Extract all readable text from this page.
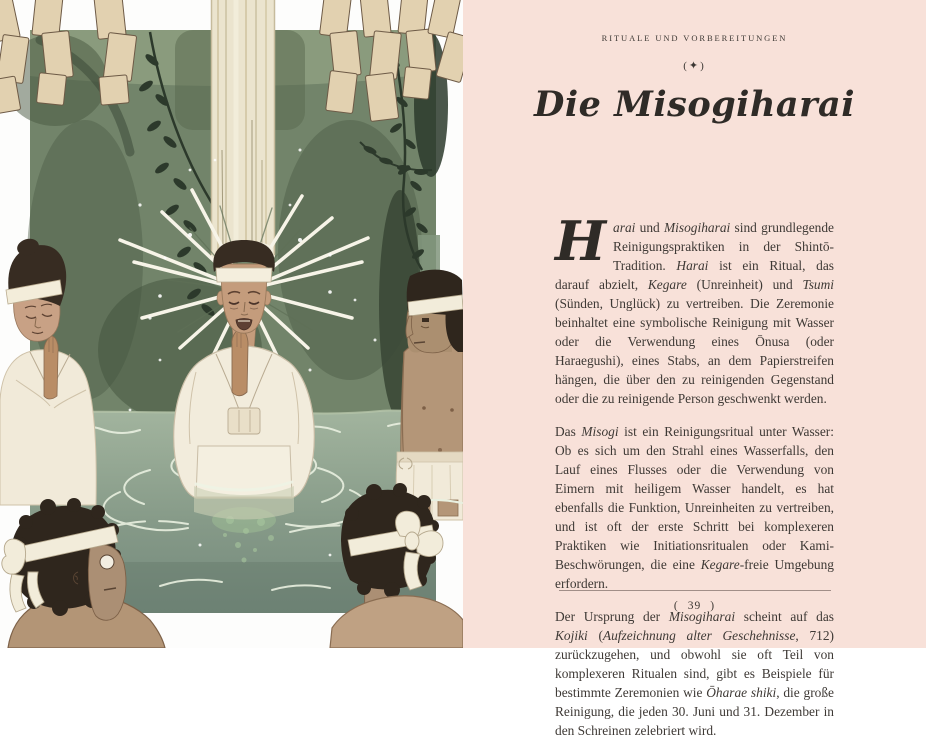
RITUALE UND VORBEREITUNGEN
(✦)
Die Misogiharai

Harai und Misogiharai sind grundlegende Reinigungspraktiken in der Shintō-Tradition. Harai ist ein Ritual, das darauf abzielt, Kegare (Unreinheit) und Tsumi (Sünden, Unglück) zu vertreiben. Die Zeremonie beinhaltet eine symbolische Reinigung mit Wasser oder die Verwendung eines Ōnusa (oder Haraegushi), eines Stabs, an dem Papierstreifen hängen, die über den zu reinigenden Gegenstand oder die zu reinigende Person geschwenkt werden.

Das Misogi ist ein Reinigungsritual unter Wasser: Ob es sich um den Strahl eines Wasserfalls, den Lauf eines Flusses oder die Verwendung von Eimern mit heiligem Wasser handelt, es hat ebenfalls die Funktion, Unreinheiten zu vertreiben, und ist oft der erste Schritt bei komplexeren Praktiken wie Initiationsritualen oder Kami-Beschwörungen, die eine Kegare-freie Umgebung erfordern.

Der Ursprung der Misogiharai scheint auf das Kojiki (Aufzeichnung alter Geschehnisse, 712) zurückzugehen, und obwohl sie oft Teil von komplexeren Ritualen sind, gibt es Beispiele für bestimmte Zeremonien wie Ōharae shiki, die große Reinigung, die jeden 30. Juni und 31. Dezember in den Schreinen zelebriert wird.

( 39 )
